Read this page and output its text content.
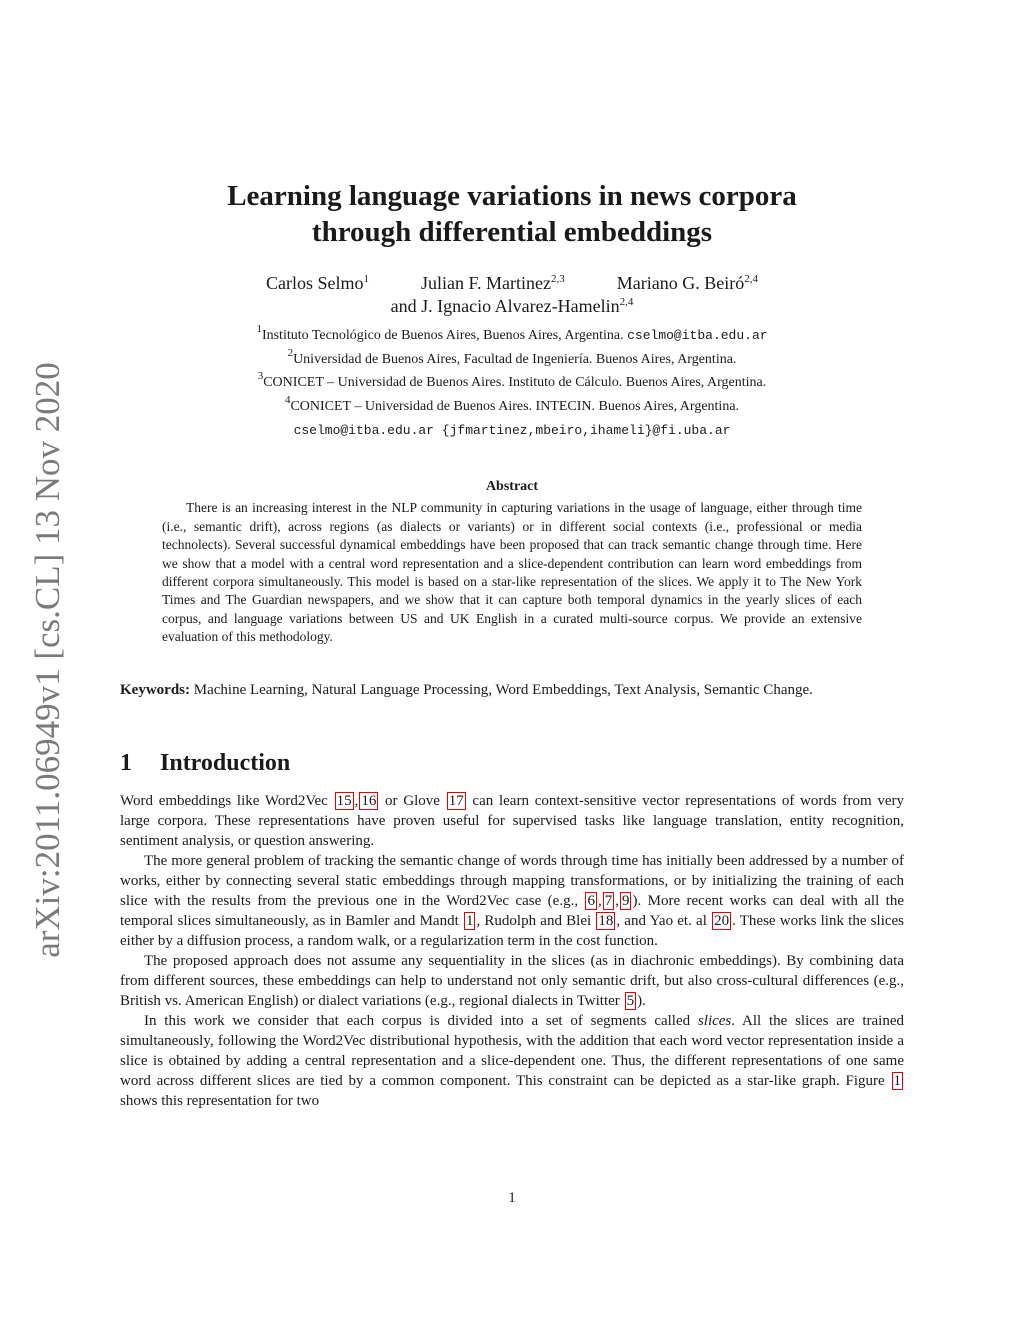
arXiv:2011.06949v1 [cs.CL] 13 Nov 2020
Learning language variations in news corpora
through differential embeddings
Carlos Selmo$^1$	Julian F. Martinez$^{2,3}$	Mariano G. Beiró$^{2,4}$
and J. Ignacio Alvarez-Hamelin$^{2,4}$
$^1$Instituto Tecnológico de Buenos Aires, Buenos Aires, Argentina. cselmo@itba.edu.ar
$^2$Universidad de Buenos Aires, Facultad de Ingeniería. Buenos Aires, Argentina.
$^3$CONICET – Universidad de Buenos Aires. Instituto de Cálculo. Buenos Aires, Argentina.
$^4$CONICET – Universidad de Buenos Aires. INTECIN. Buenos Aires, Argentina.
cselmo@itba.edu.ar {jfmartinez,mbeiro,ihameli}@fi.uba.ar
Abstract

There is an increasing interest in the NLP community in capturing variations in the usage of language, either through time (i.e., semantic drift), across regions (as dialects or variants) or in different social contexts (i.e., professional or media technolects). Several successful dynamical embeddings have been proposed that can track semantic change through time. Here we show that a model with a central word representation and a slice-dependent contribution can learn word embeddings from different corpora simultaneously. This model is based on a star-like representation of the slices. We apply it to The New York Times and The Guardian newspapers, and we show that it can capture both temporal dynamics in the yearly slices of each corpus, and language variations between US and UK English in a curated multi-source corpus. We provide an extensive evaluation of this methodology.

Keywords: Machine Learning, Natural Language Processing, Word Embeddings, Text Analysis, Semantic Change.
1 Introduction

Word embeddings like Word2Vec 15 , 16 or Glove 17 can learn context-sensitive vector representations of words from very large corpora. These representations have proven useful for supervised tasks like language translation, entity recognition, sentiment analysis, or question answering.

The more general problem of tracking the semantic change of words through time has initially been addressed by a number of works, either by connecting several static embeddings through mapping transformations, or by initializing the training of each slice with the results from the previous one in the Word2Vec case (e.g., 6 , 7 , 9 ). More recent works can deal with all the temporal slices simultaneously, as in Bamler and Mandt 1 , Rudolph and Blei 18 , and Yao et. al 20 . These works link the slices either by a diffusion process, a random walk, or a regularization term in the cost function.

The proposed approach does not assume any sequentiality in the slices (as in diachronic embeddings). By combining data from different sources, these embeddings can help to understand not only semantic drift, but also cross-cultural differences (e.g., British vs. American English) or dialect variations (e.g., regional dialects in Twitter 5 ).

In this work we consider that each corpus is divided into a set of segments called slices. All the slices are trained simultaneously, following the Word2Vec distributional hypothesis, with the addition that each word vector representation inside a slice is obtained by adding a central representation and a slice-dependent one. Thus, the different representations of one same word across different slices are tied by a common component. This constraint can be depicted as a star-like graph. Figure 1 shows this representation for two

1
